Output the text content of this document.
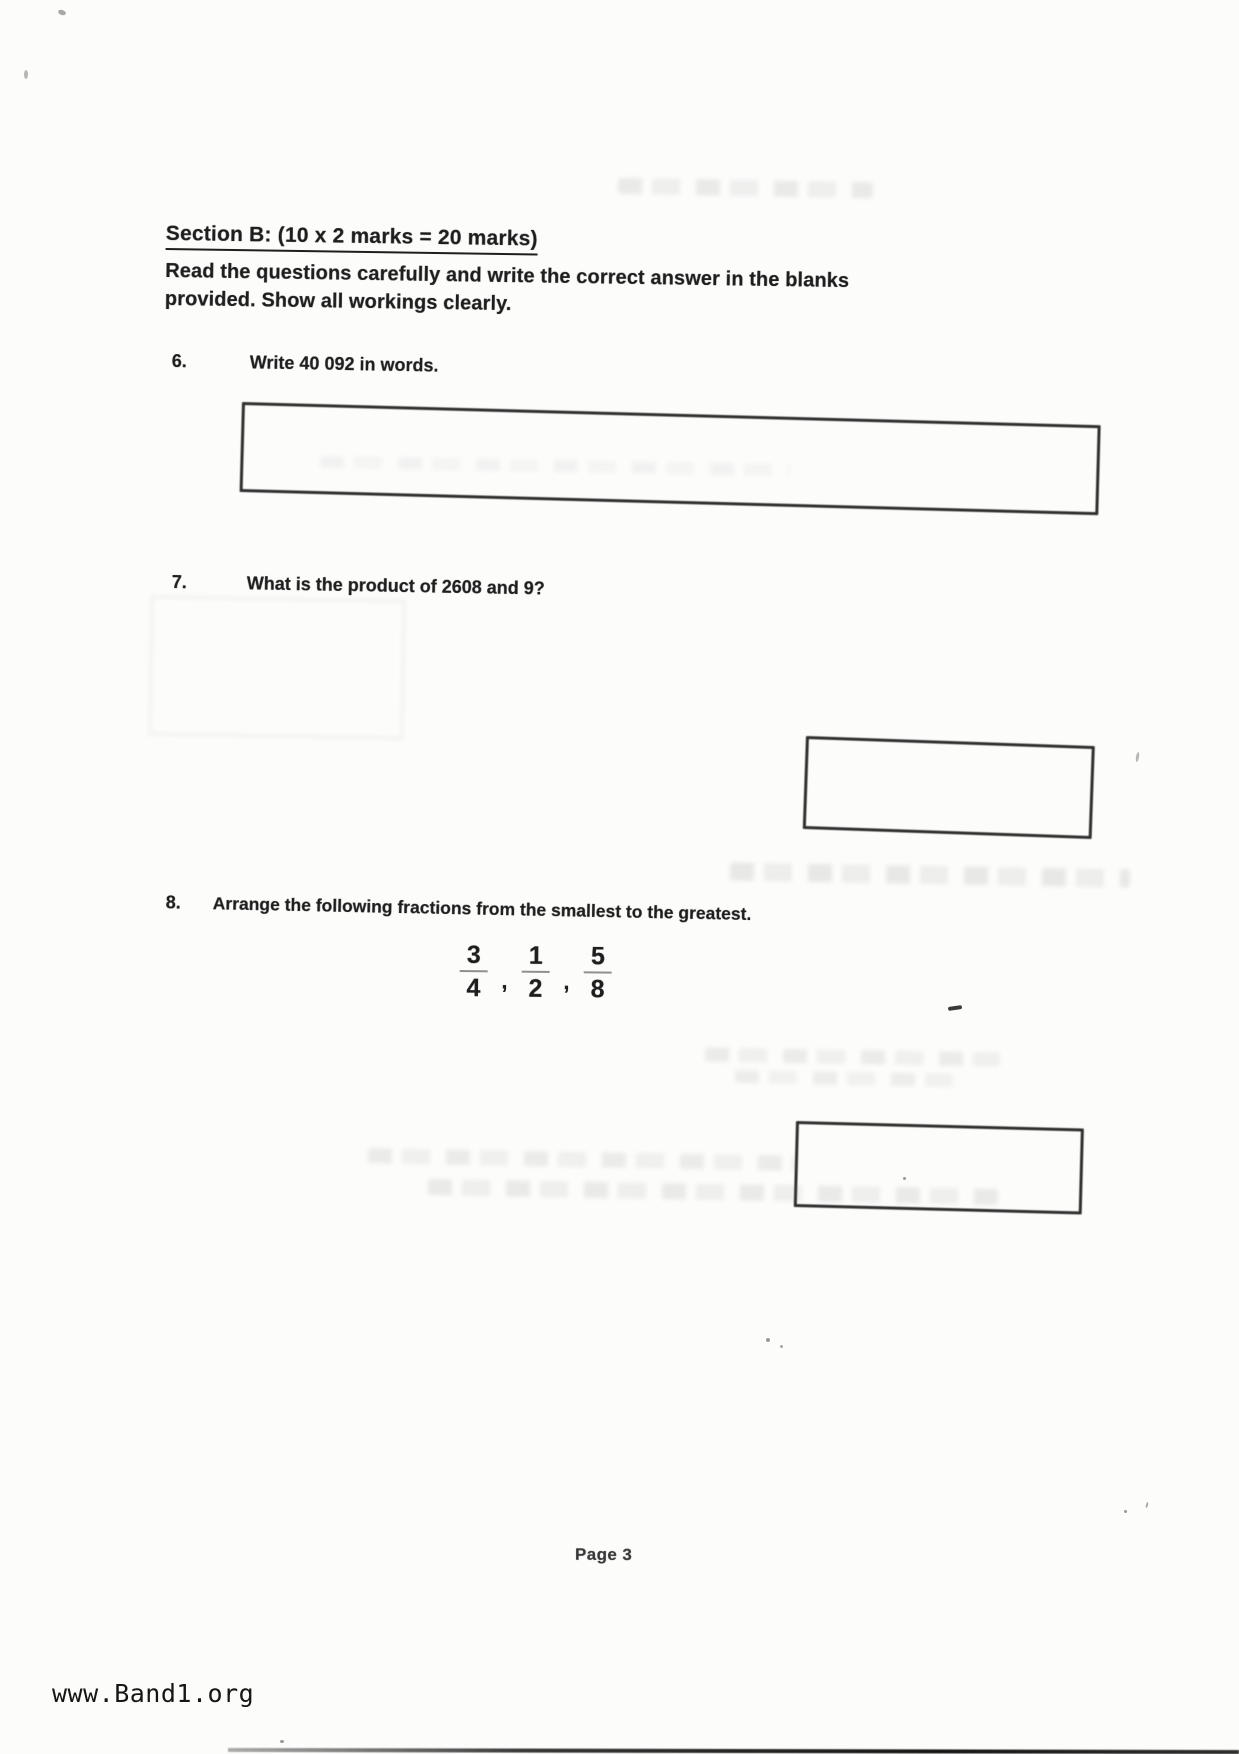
Section B: (10 x 2 marks = 20 marks)
Read the questions carefully and write the correct answer in the blanks
provided. Show all workings clearly.
6.	Write 40 092 in words.
7.	What is the product of 2608 and 9?
8. Arrange the following fractions from the smallest to the greatest.
$\frac{3}{4}$ , $\frac{1}{2}$ , $\frac{5}{8}$
Page 3
www.Band1.org
